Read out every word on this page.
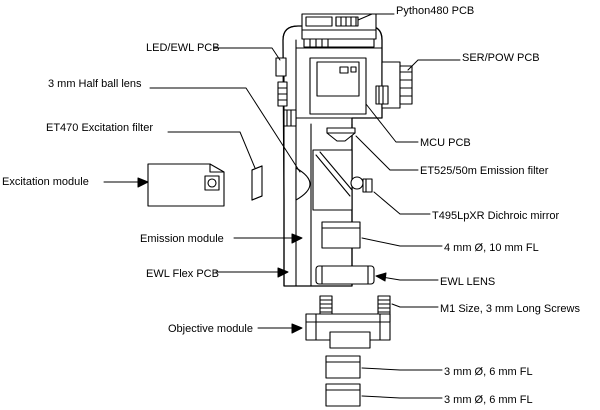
Python480 PCB
LED/EWL PCB
SER/POW PCB
3 mm Half ball lens
ET470 Excitation filter
MCU PCB
ET525/50m Emission filter
Excitation module
T495LpXR Dichroic mirror
4 mm Ø, 10 mm FL
Emission module
EWL Flex PCB
EWL LENS
M1 Size, 3 mm Long Screws
Objective module
3 mm Ø, 6 mm FL
3 mm Ø, 6 mm FL
